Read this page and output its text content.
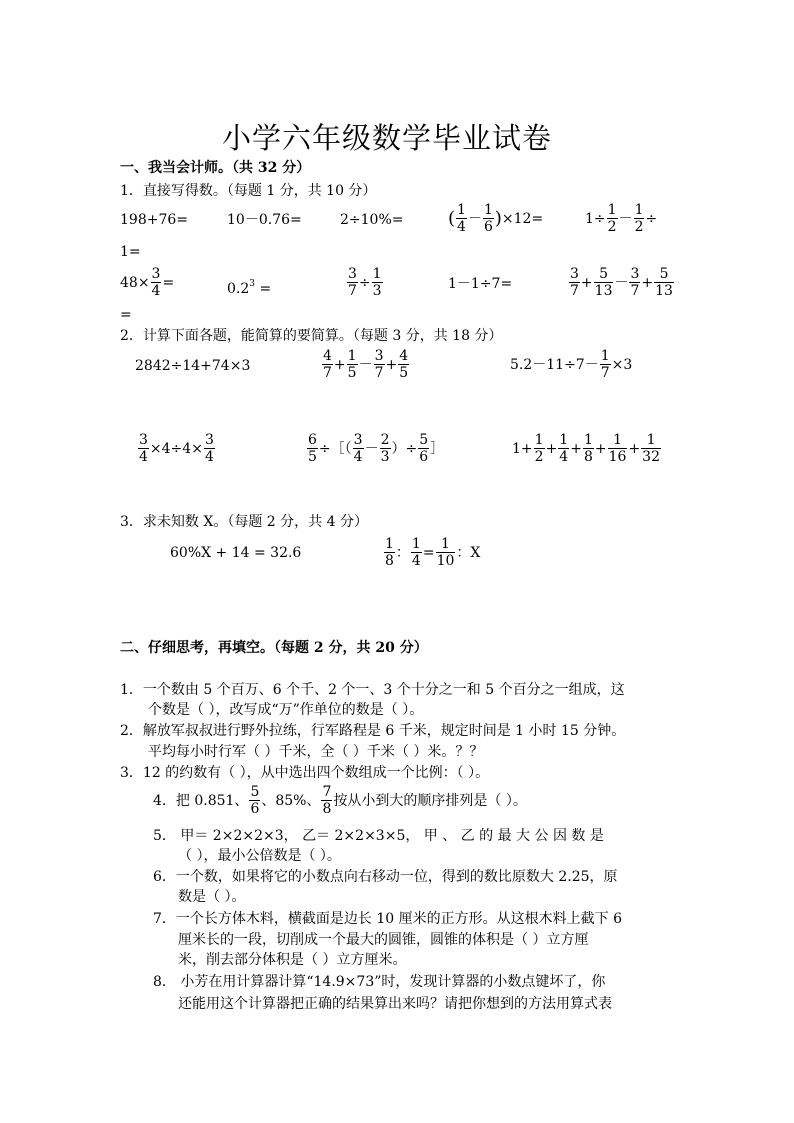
小学六年级数学毕业试卷
一、我当会计师。（共 32 分）
1．直接写得数。（每题 1 分，共 10 分）
198+76=	10－0.76=	2÷10%= ( $\frac{1}{4} - \frac{1}{6} )\times 12=$	$1\div \frac{1}{2} - \frac{1}{2}$ ÷
1=
$48\times \frac{3}{4}$ =	$0.2^3$ =	$\frac{3}{7} \div \frac{1}{3}$	1－1÷7=	$\frac{3}{7} + \frac{5}{13} - \frac{3}{7} + \frac{5}{13}$
=
2．计算下面各题，能简算的要简算。（每题 3 分，共 18 分）
2842÷14+74×3	$\frac{4}{7} + \frac{1}{5} - \frac{3}{7} + \frac{4}{5}$	$5.2-11\div 7- \frac{1}{7} \times 3$
$\frac{3}{4} \times 4\div 4\times \frac{3}{4}$	$\frac{6}{5}$ ÷［（ $\frac{3}{4} - \frac{2}{3}$ ）÷ $\frac{5}{6}$ ］	$1+ \frac{1}{2} + \frac{1}{4} + \frac{1}{8} + \frac{1}{16} + \frac{1}{32}$
3．求未知数 X。（每题 2 分，共 4 分）
60%X + 14 = 32.6	$\frac{1}{8}$ ： $\frac{1}{4} = \frac{1}{10}$ ：X
二、仔细思考，再填空。（每题 2 分，共 20 分）
1．一个数由 5 个百万、6 个千、2 个一、3 个十分之一和 5 个百分之一组成，这
个数是（ ），改写成“万”作单位的数是（ ）。
2．解放军叔叔进行野外拉练，行军路程是 6 千米，规定时间是 1 小时 15 分钟。
平均每小时行军（ ）千米，全（ ）千米（ ）米。？？
3．12 的约数有（ ），从中选出四个数组成一个比例：（ ）。
4．把 0.851、 $\frac{5}{6}$ 、85%、 $\frac{7}{8}$ 按从小到大的顺序排列是（ ）。
5． 甲＝ 2×2×2×3， 乙＝ 2×2×3×5， 甲 、 乙 的 最 大 公 因 数 是
（ ），最小公倍数是（ ）。
6．一个数，如果将它的小数点向右移动一位，得到的数比原数大 2.25，原
数是（ ）。
7．一个长方体木料，横截面是边长 10 厘米的正方形。从这根木料上截下 6
厘米长的一段，切削成一个最大的圆锥，圆锥的体积是（ ）立方厘
米，削去部分体积是（ ）立方厘米。
8． 小芳在用计算器计算“14.9×73”时，发现计算器的小数点键坏了，你
还能用这个计算器把正确的结果算出来吗？请把你想到的方法用算式表
